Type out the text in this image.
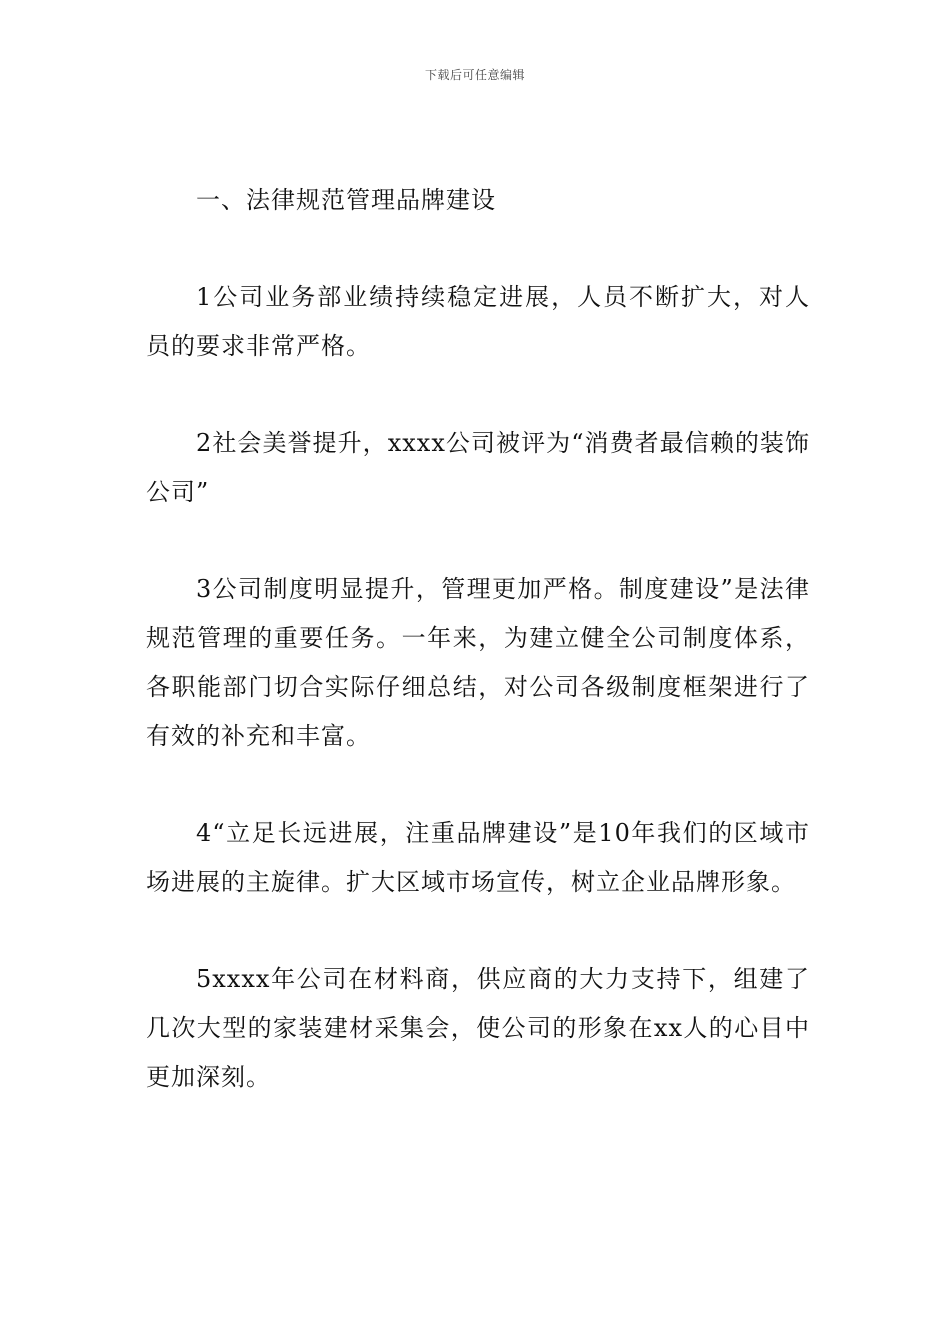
下载后可任意编辑

一、法律规范管理品牌建设

1公司业务部业绩持续稳定进展，人员不断扩大，对人员的要求非常严格。

2社会美誉提升，xxxx公司被评为“消费者最信赖的装饰公司”

3公司制度明显提升，管理更加严格。制度建设”是法律规范管理的重要任务。一年来，为建立健全公司制度体系，各职能部门切合实际仔细总结，对公司各级制度框架进行了有效的补充和丰富。

4“立足长远进展，注重品牌建设”是10年我们的区域市场进展的主旋律。扩大区域市场宣传，树立企业品牌形象。

5xxxx年公司在材料商，供应商的大力支持下，组建了几次大型的家装建材采集会，使公司的形象在xx人的心目中更加深刻。
